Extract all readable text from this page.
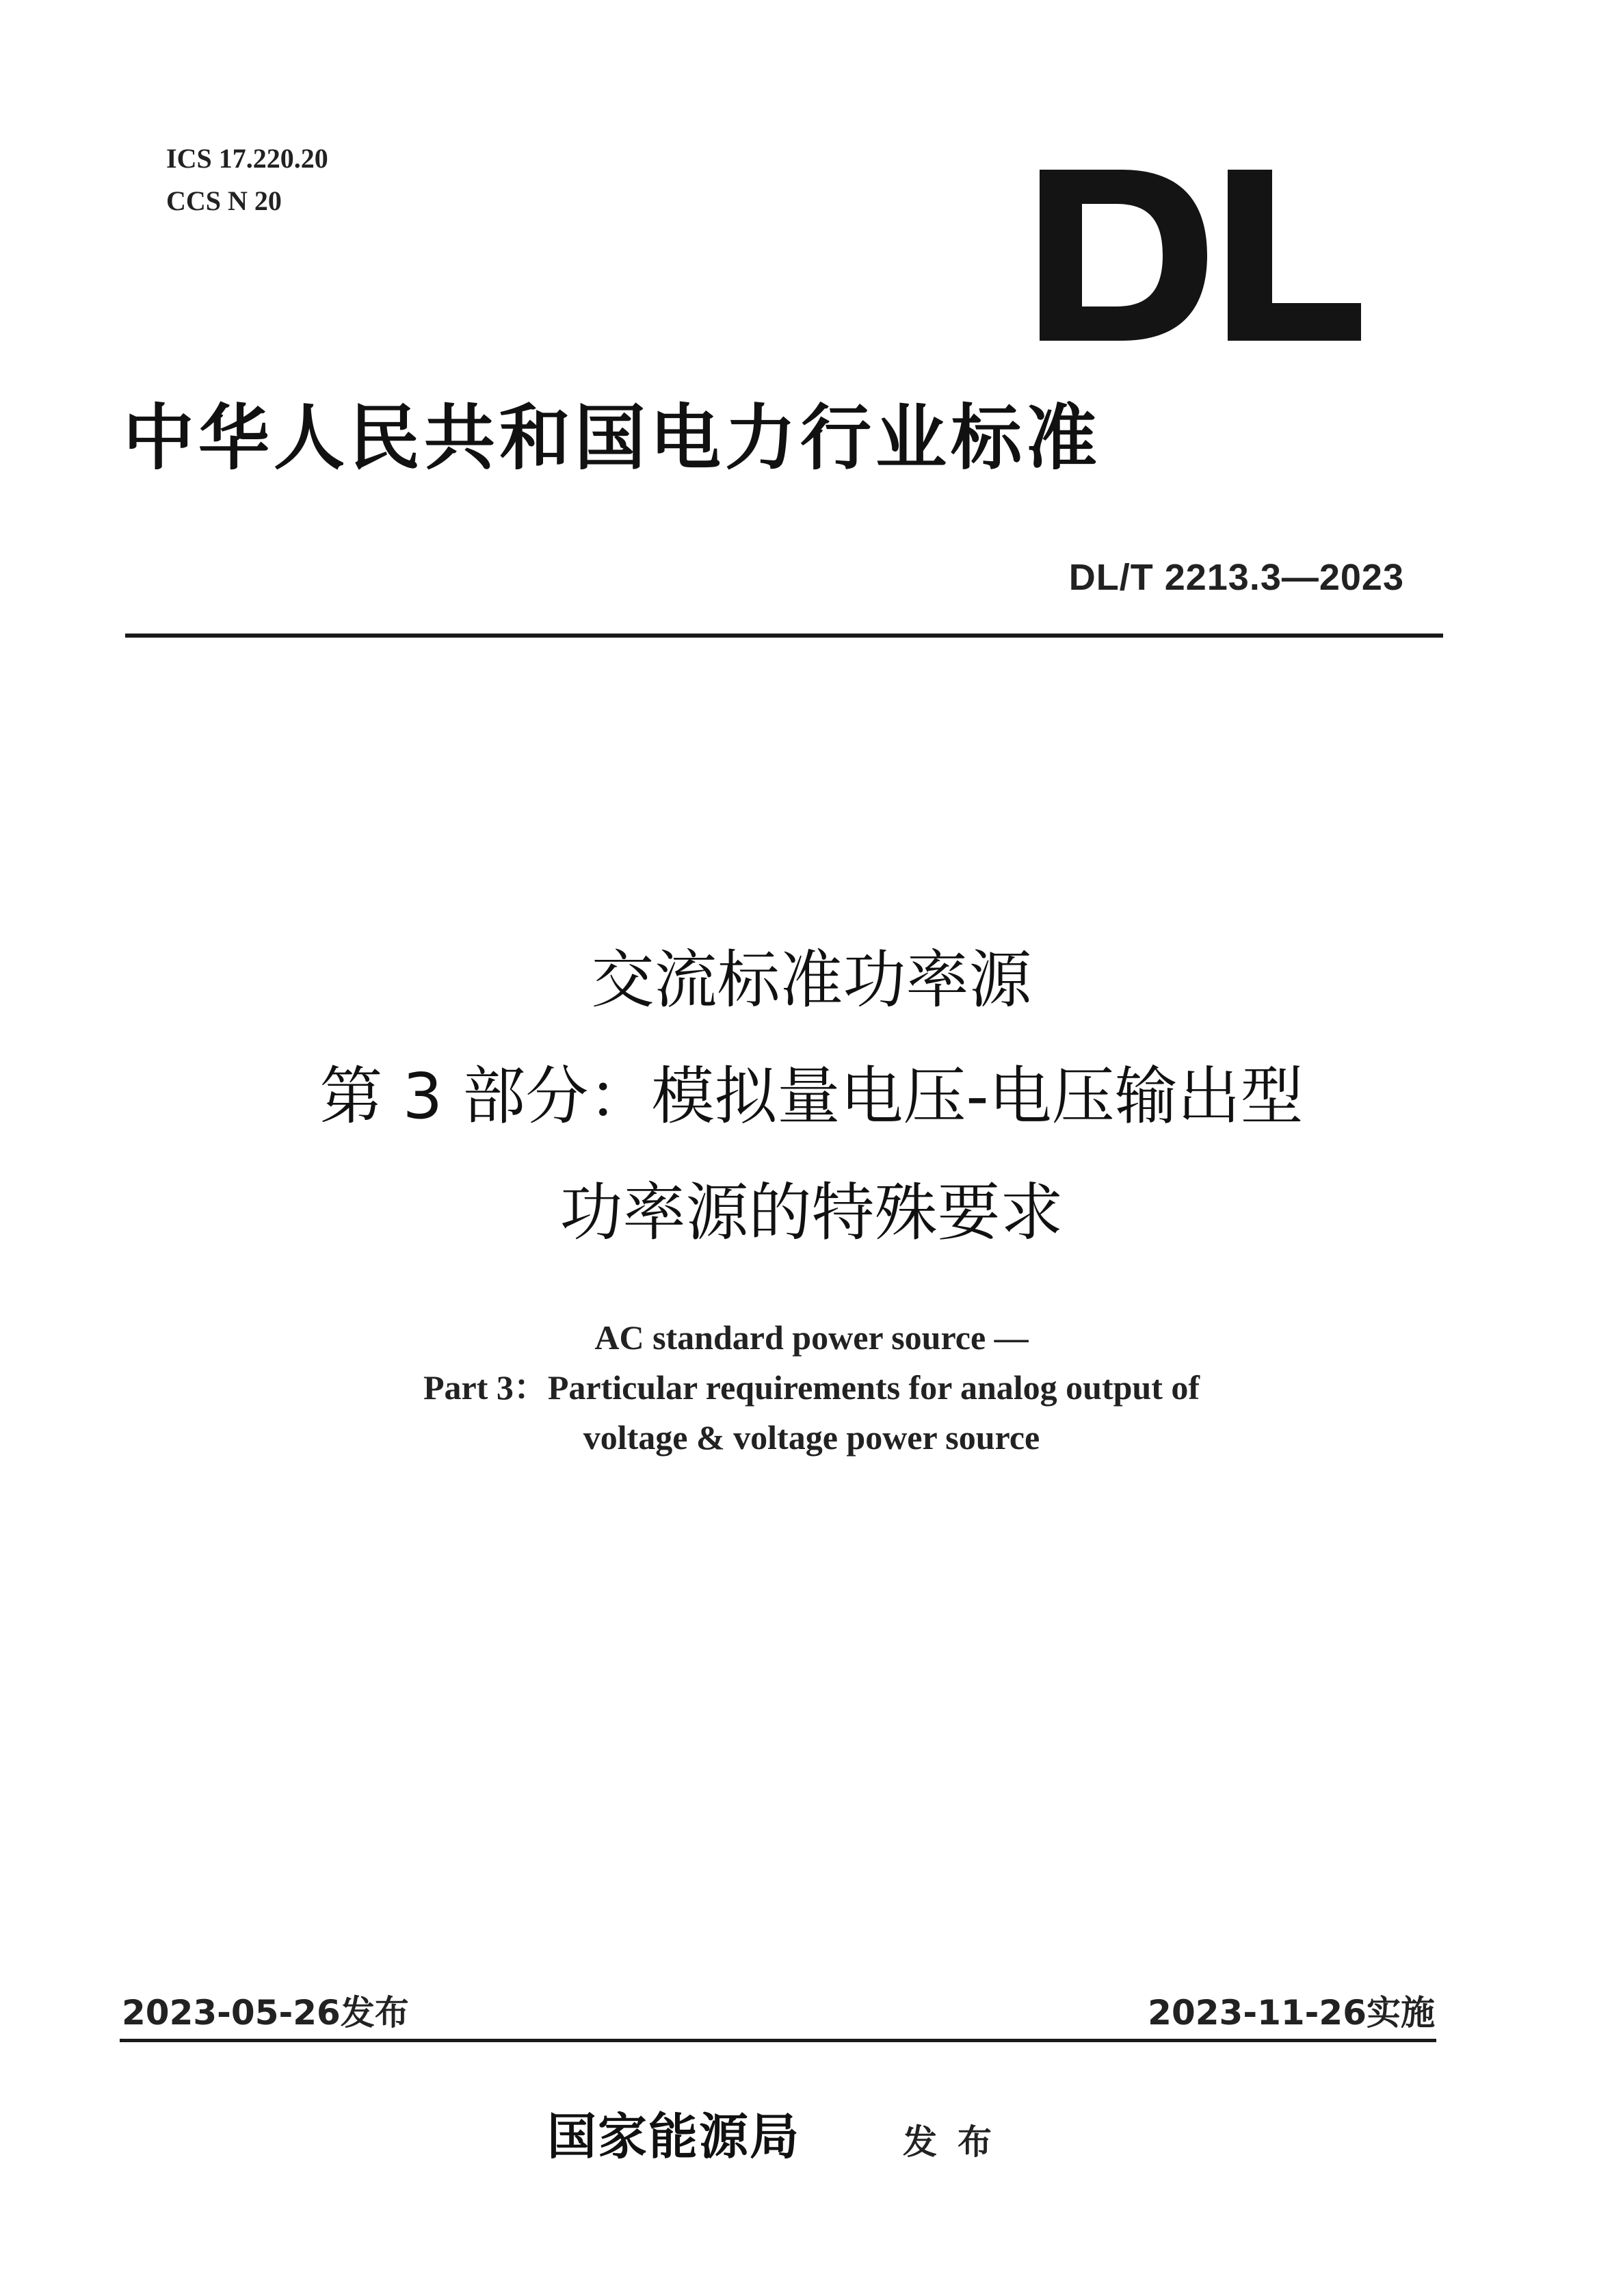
ICS 17.220.20
CCS N 20
中华人民共和国电力行业标准
DL/T 2213.3—2023
交流标准功率源
第 3 部分：模拟量电压-电压输出型
功率源的特殊要求
AC standard power source —
Part 3：Particular requirements for analog output of
voltage & voltage power source
2023-05-26发布	2023-11-26实施
国家能源局	发布
